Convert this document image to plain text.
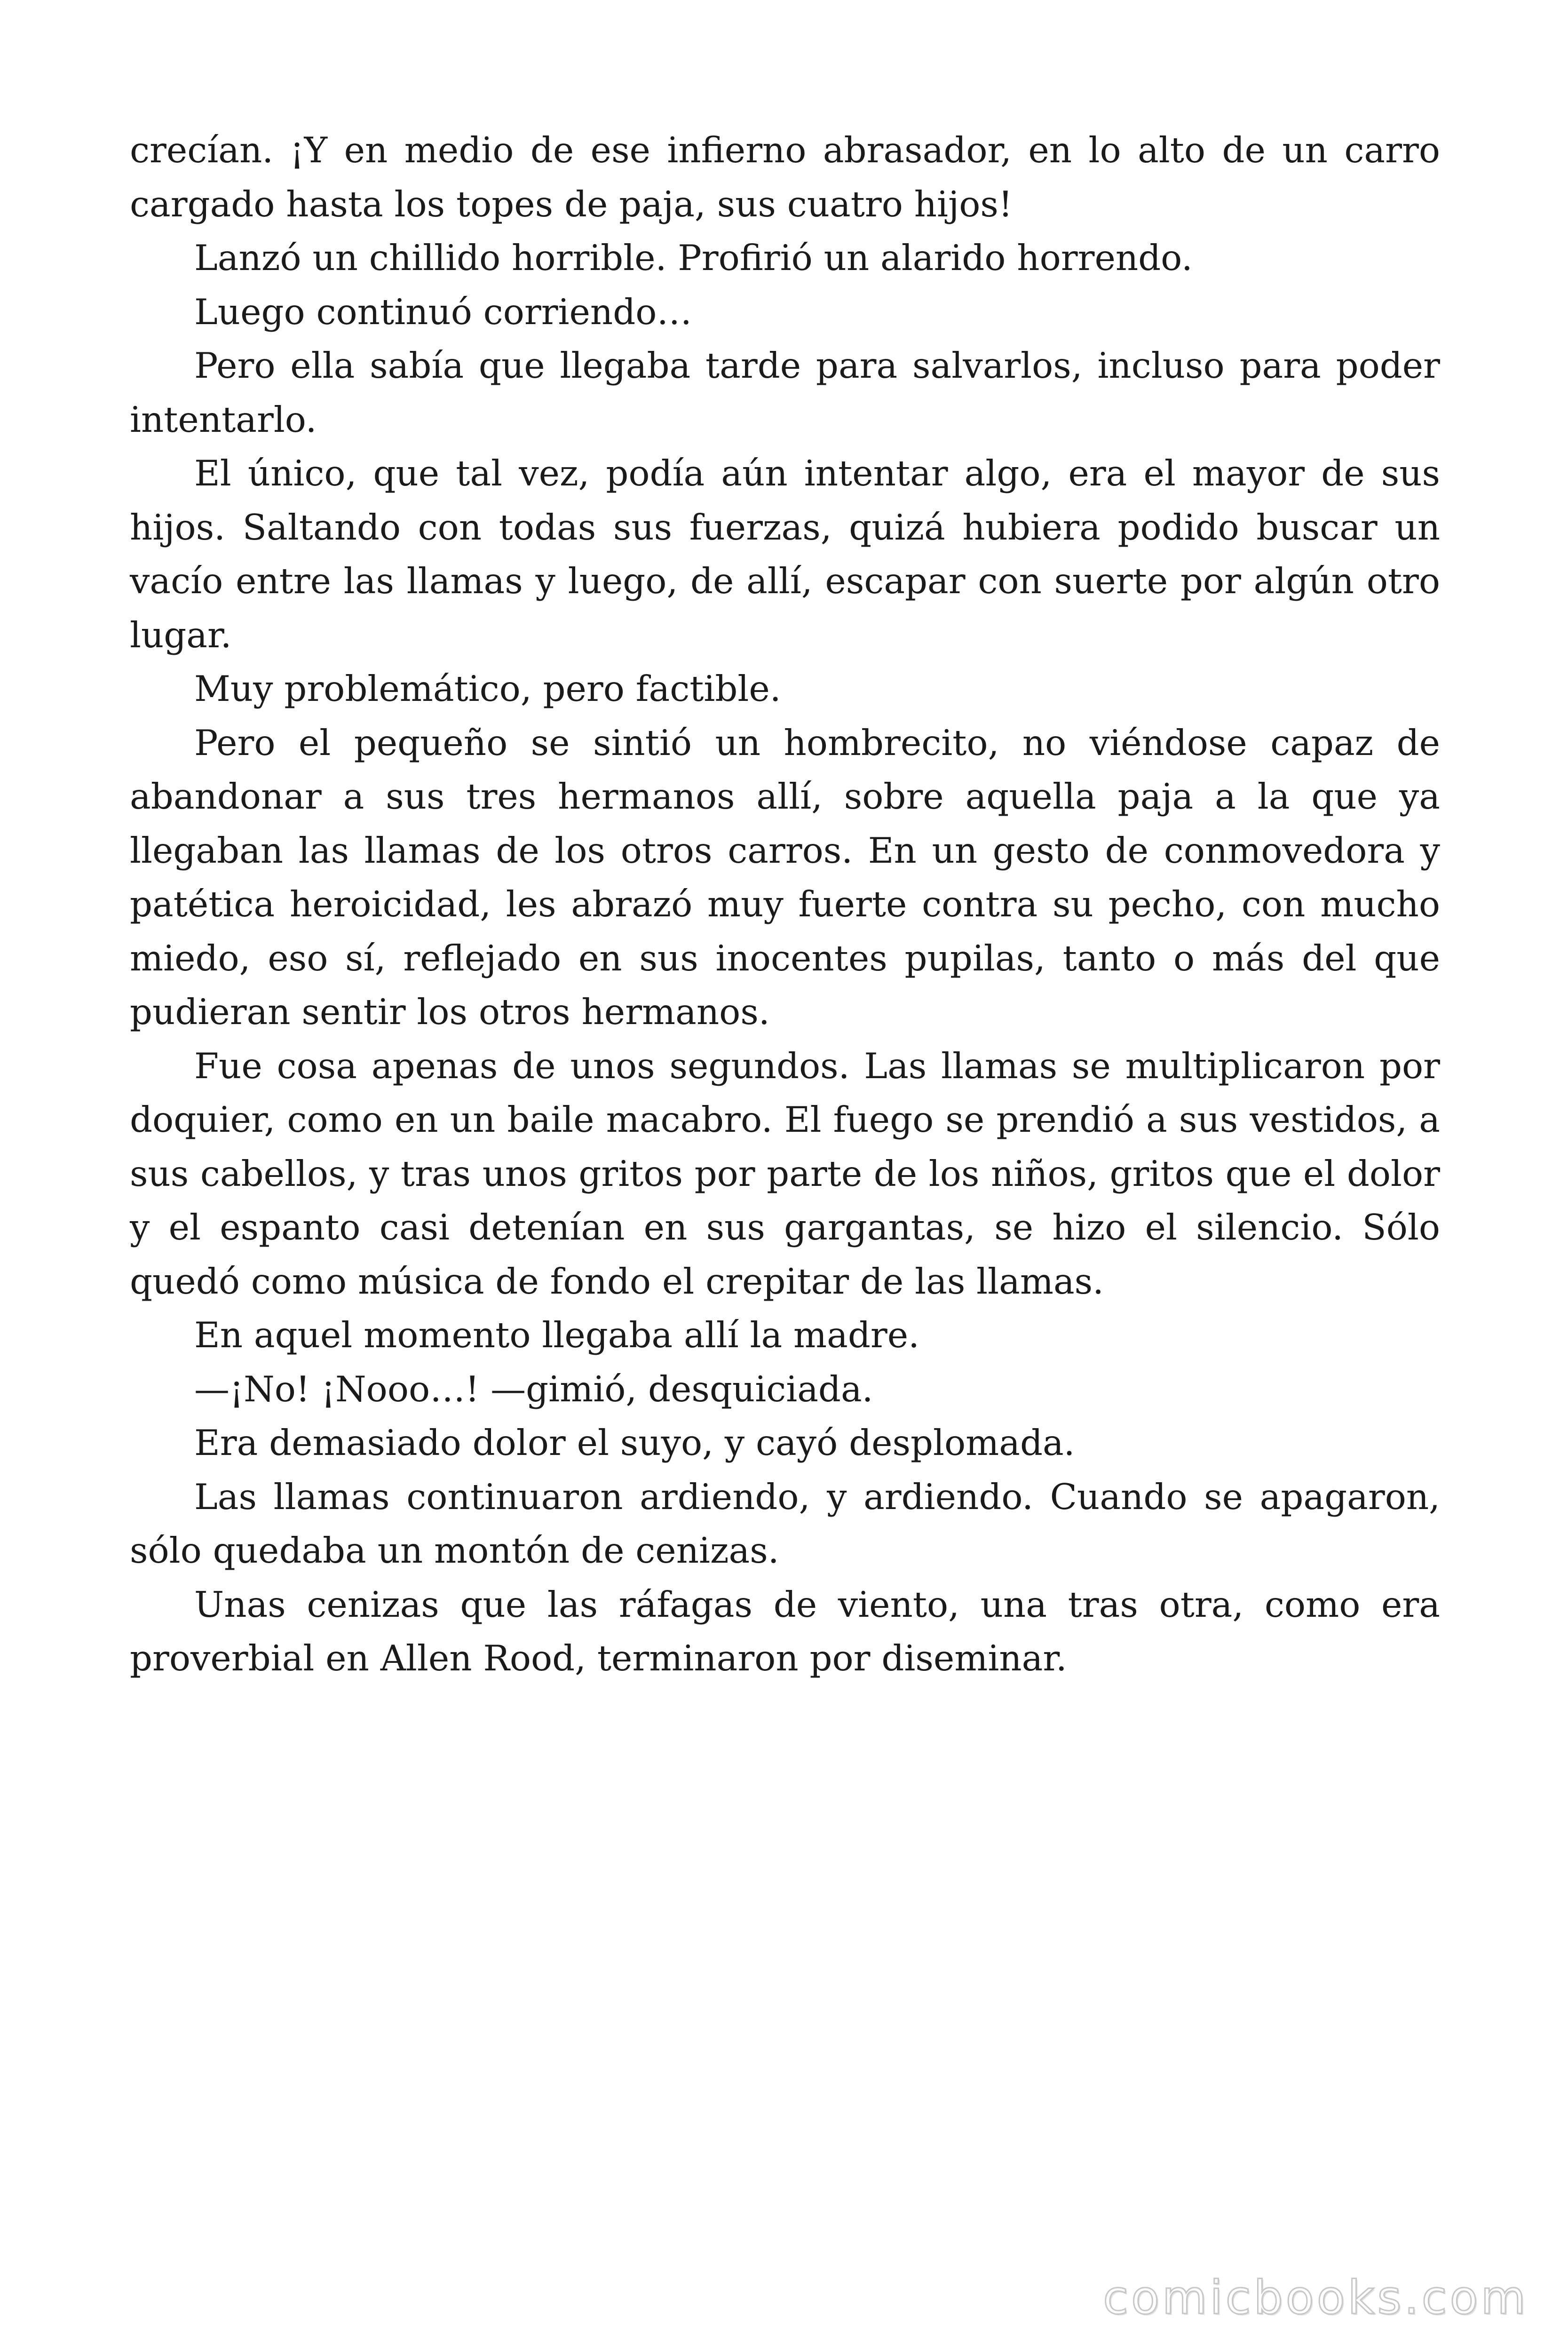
crecían. ¡Y en medio de ese infierno abrasador, en lo alto de un carro cargado hasta los topes de paja, sus cuatro hijos!

Lanzó un chillido horrible. Profirió un alarido horrendo.

Luego continuó corriendo…

Pero ella sabía que llegaba tarde para salvarlos, incluso para poder intentarlo.

El único, que tal vez, podía aún intentar algo, era el mayor de sus hijos. Saltando con todas sus fuerzas, quizá hubiera podido buscar un vacío entre las llamas y luego, de allí, escapar con suerte por algún otro lugar.

Muy problemático, pero factible.

Pero el pequeño se sintió un hombrecito, no viéndose capaz de abandonar a sus tres hermanos allí, sobre aquella paja a la que ya llegaban las llamas de los otros carros. En un gesto de conmovedora y patética heroicidad, les abrazó muy fuerte contra su pecho, con mucho miedo, eso sí, reflejado en sus inocentes pupilas, tanto o más del que pudieran sentir los otros hermanos.

Fue cosa apenas de unos segundos. Las llamas se multiplicaron por doquier, como en un baile macabro. El fuego se prendió a sus vestidos, a sus cabellos, y tras unos gritos por parte de los niños, gritos que el dolor y el espanto casi detenían en sus gargantas, se hizo el silencio. Sólo quedó como música de fondo el crepitar de las llamas.

En aquel momento llegaba allí la madre.

—¡No! ¡Nooo…! —gimió, desquiciada.

Era demasiado dolor el suyo, y cayó desplomada.

Las llamas continuaron ardiendo, y ardiendo. Cuando se apagaron, sólo quedaba un montón de cenizas.

Unas cenizas que las ráfagas de viento, una tras otra, como era proverbial en Allen Rood, terminaron por diseminar.

comicbooks.com
